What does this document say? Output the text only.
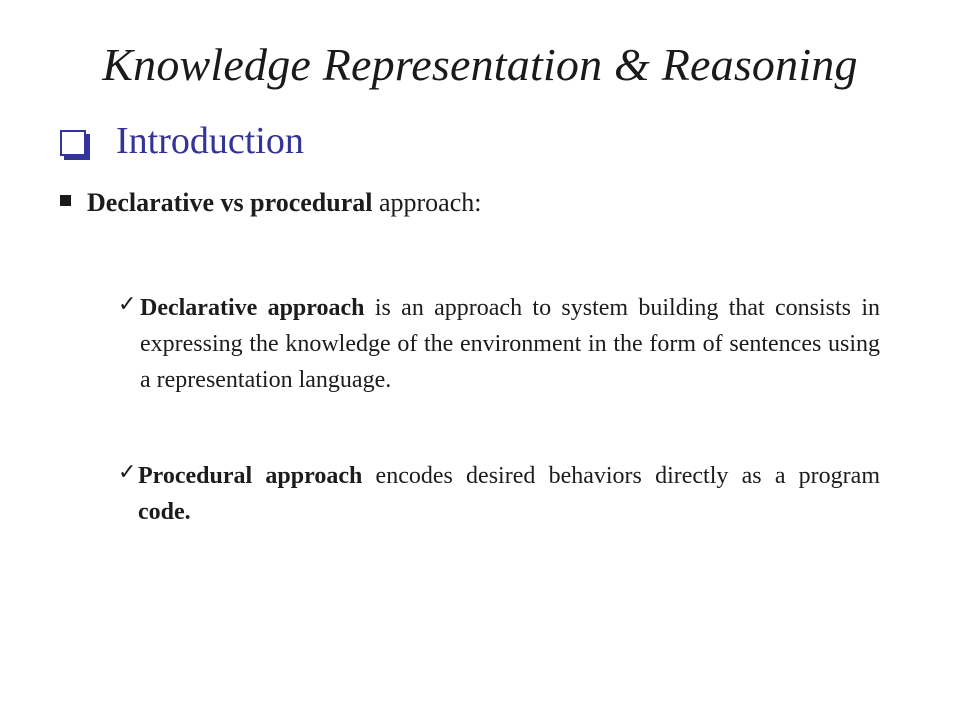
Knowledge Representation & Reasoning
Introduction
Declarative vs procedural approach:
✓ Declarative approach is an approach to system building that consists in expressing the knowledge of the environment in the form of sentences using a representation language.
✓ Procedural approach encodes desired behaviors directly as a program code.
